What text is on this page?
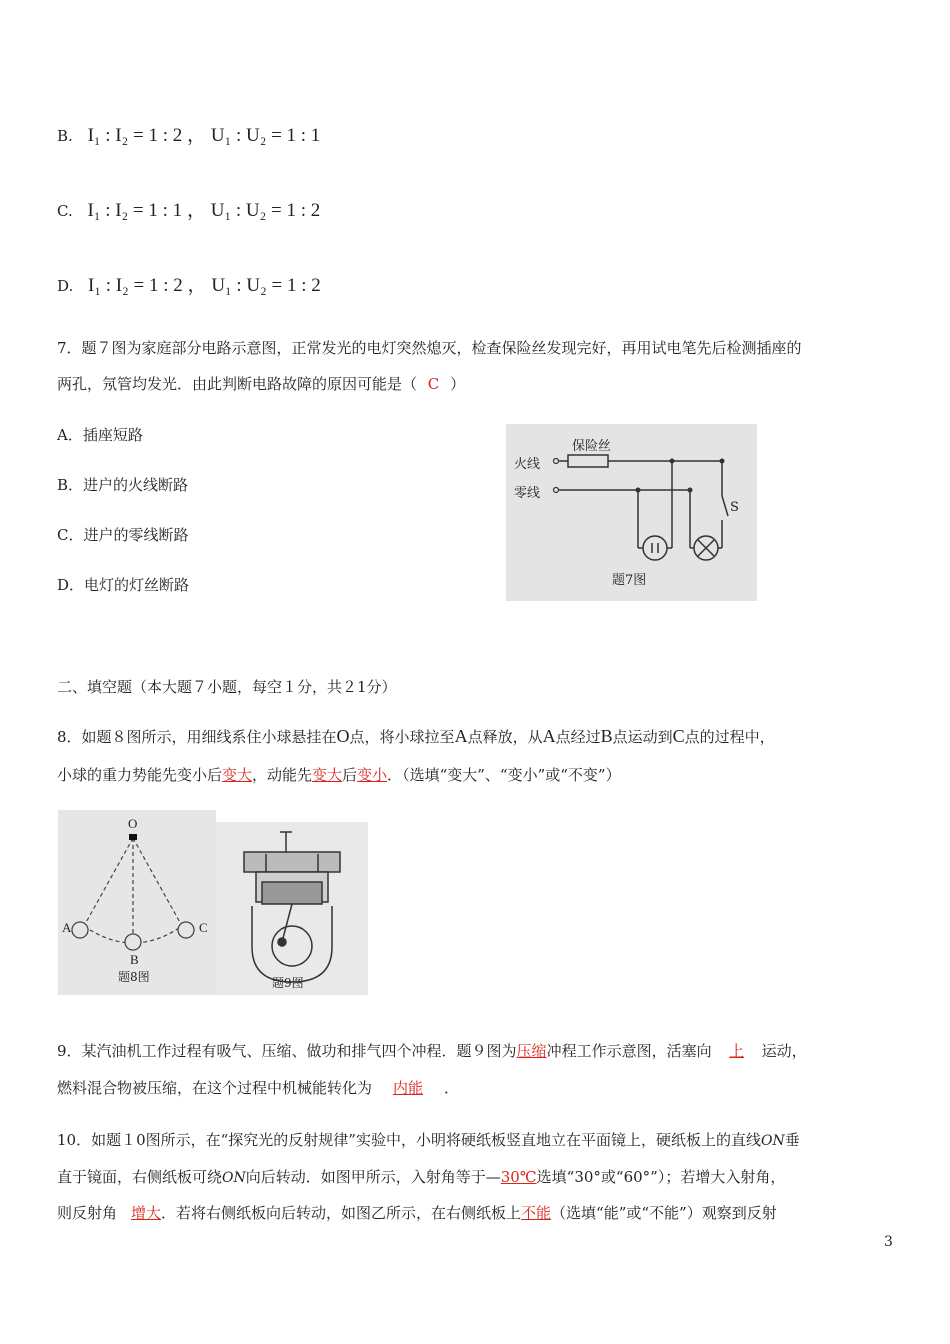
B. I₁ : I₂ = 1 : 2 ， U₁ : U₂ = 1 : 1
C. I₁ : I₂ = 1 : 1 ， U₁ : U₂ = 1 : 2
D. I₁ : I₂ = 1 : 2 ， U₁ : U₂ = 1 : 2
7．题７图为家庭部分电路示意图，正常发光的电灯突然熄灭，检查保险丝发现完好，再用试电笔先后检测插座的
两孔，氖管均发光．由此判断电路故障的原因可能是（ C ）
A．插座短路
B．进户的火线断路
C．进户的零线断路
D．电灯的灯丝断路
保险丝
火线
零线
S
题7图
二、填空题（本大题７小题，每空１分，共２1分）
8．如题８图所示，用细线系住小球悬挂在O点，将小球拉至A点释放，从A点经过B点运动到C点的过程中，
小球的重力势能先变小后变大，动能先变大后变小．（选填“变大”、“变小”或“不变”）
O
A
B
C
题8图	题9图
9．某汽油机工作过程有吸气、压缩、做功和排气四个冲程．题９图为压缩冲程工作示意图，活塞向 上 运动，
燃料混合物被压缩，在这个过程中机械能转化为 内能 ．
10．如题１0图所示，在“探究光的反射规律”实验中，小明将硬纸板竖直地立在平面镜上，硬纸板上的直线ON垂
直于镜面，右侧纸板可绕ON向后转动．如图甲所示，入射角等于—30℃选填“30°或“60°”）；若增大入射角，
则反射角 增大．若将右侧纸板向后转动，如图乙所示，在右侧纸板上不能（选填“能”或“不能”）观察到反射
3
